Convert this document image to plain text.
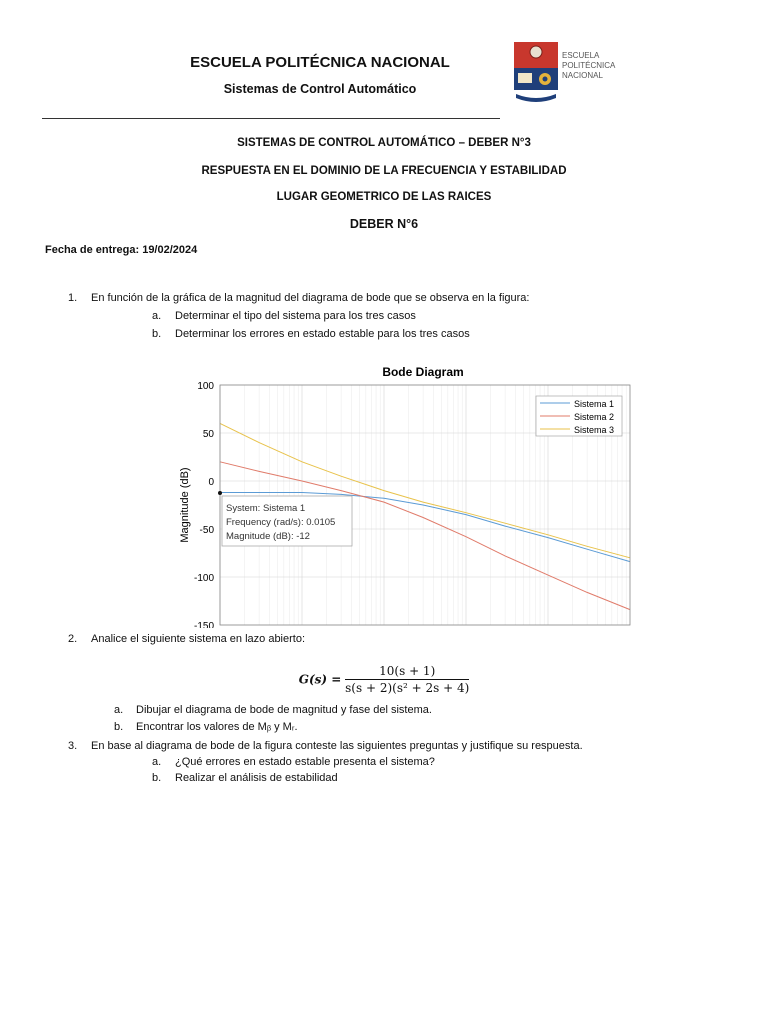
ESCUELA POLITÉCNICA NACIONAL
Sistemas de Control Automático
ESCUELA
POLITÉCNICA
NACIONAL
SISTEMAS DE CONTROL AUTOMÁTICO – DEBER N°3
RESPUESTA EN EL DOMINIO DE LA FRECUENCIA Y ESTABILIDAD
LUGAR GEOMETRICO DE LAS RAICES
DEBER N°6
Fecha de entrega: 19/02/2024
1. En función de la gráfica de la magnitud del diagrama de bode que se observa en la figura:
a. Determinar el tipo del sistema para los tres casos
b. Determinar los errores en estado estable para los tres casos
Bode Diagram
Magnitude (dB)
100
50
0
-50
-100
-150
Sistema 1
Sistema 2
Sistema 3
System: Sistema 1
Frequency (rad/s): 0.0105
Magnitude (dB): -12
2. Analice el siguiente sistema en lazo abierto:
$G(s) = \frac{10(s + 1)}{\text{s(s + 2)(s² + 2s + 4)}}$
a. Dibujar el diagrama de bode de magnitud y fase del sistema.
b. Encontrar los valores de Mᵦ y Mᵣ.
3. En base al diagrama de bode de la figura conteste las siguientes preguntas y justifique su respuesta.
a. ¿Qué errores en estado estable presenta el sistema?
b. Realizar el análisis de estabilidad
